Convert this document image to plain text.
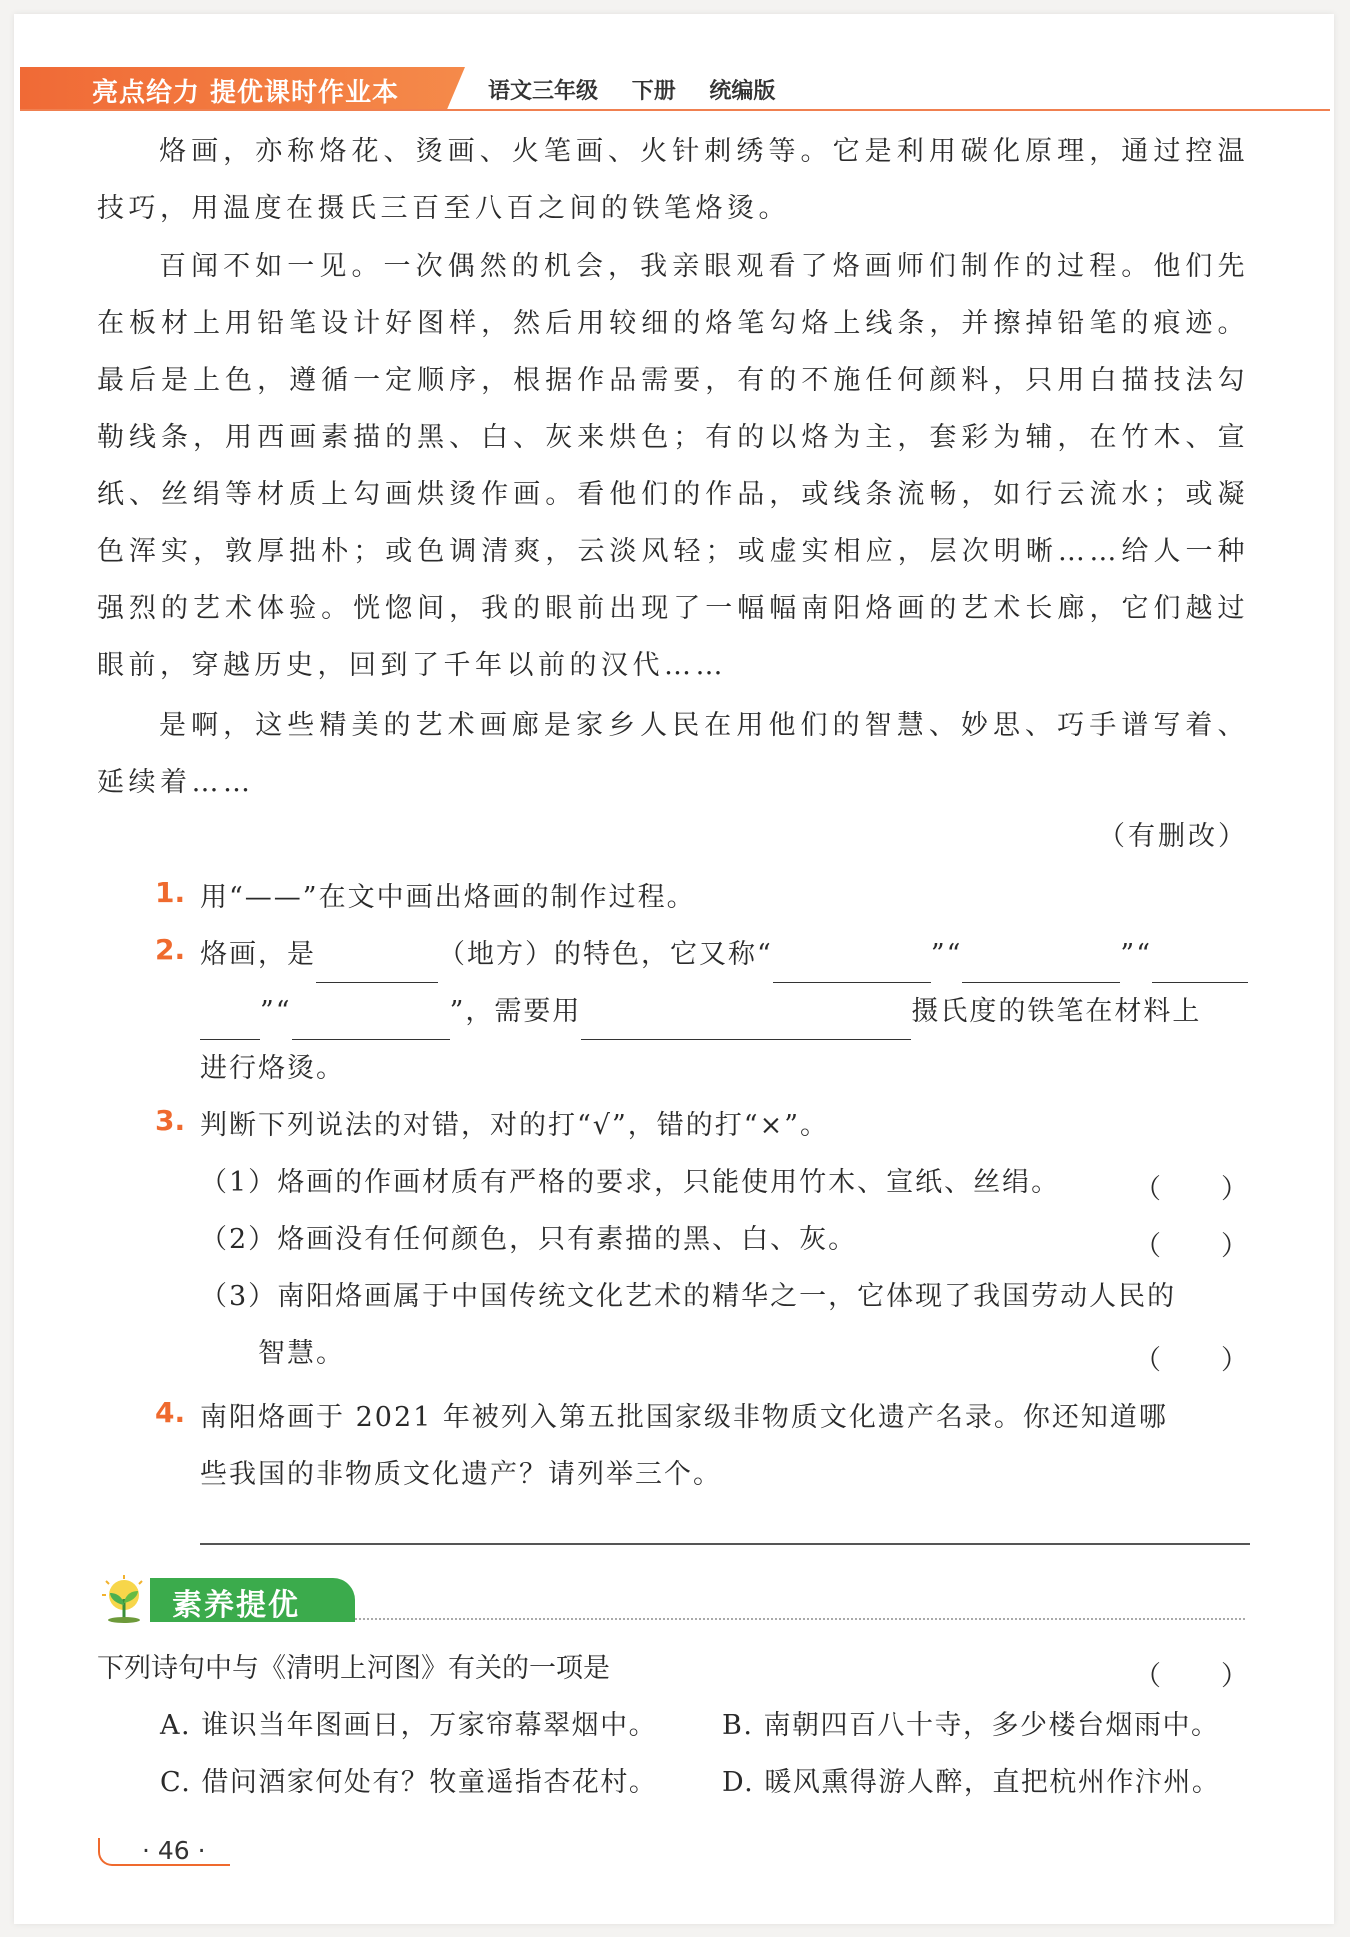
亮点给力 提优课时作业本	语文三年级 下册 统编版

烙画，亦称烙花、烫画、火笔画、火针刺绣等。它是利用碳化原理，通过控温技巧，用温度在摄氏三百至八百之间的铁笔烙烫。

百闻不如一见。一次偶然的机会，我亲眼观看了烙画师们制作的过程。他们先在板材上用铅笔设计好图样，然后用较细的烙笔勾烙上线条，并擦掉铅笔的痕迹。最后是上色，遵循一定顺序，根据作品需要，有的不施任何颜料，只用白描技法勾勒线条，用西画素描的黑、白、灰来烘色；有的以烙为主，套彩为辅，在竹木、宣纸、丝绢等材质上勾画烘烫作画。看他们的作品，或线条流畅，如行云流水；或凝色浑实，敦厚拙朴；或色调清爽，云淡风轻；或虚实相应，层次明晰……给人一种强烈的艺术体验。恍惚间，我的眼前出现了一幅幅南阳烙画的艺术长廊，它们越过眼前，穿越历史，回到了千年以前的汉代……

是啊，这些精美的艺术画廊是家乡人民在用他们的智慧、妙思、巧手谱写着、延续着……

（有删改）
1. 用“——”在文中画出烙画的制作过程。
2. 烙画，是	（地方）的特色，它又称“	”“	”“
”“	”，需要用	摄氏度的铁笔在材料上
进行烙烫。
3. 判断下列说法的对错，对的打“√”，错的打“×”。
（1）烙画的作画材质有严格的要求，只能使用竹木、宣纸、丝绢。	（　　）
（2）烙画没有任何颜色，只有素描的黑、白、灰。	（　　）
（3）南阳烙画属于中国传统文化艺术的精华之一，它体现了我国劳动人民的
智慧。	（　　）
4. 南阳烙画于 2021 年被列入第五批国家级非物质文化遗产名录。你还知道哪
些我国的非物质文化遗产？请列举三个。
素养提优
下列诗句中与《清明上河图》有关的一项是	（　　）
A. 谁识当年图画日，万家帘幕翠烟中。 B. 南朝四百八十寺，多少楼台烟雨中。
C. 借问酒家何处有？牧童遥指杏花村。 D. 暖风熏得游人醉，直把杭州作汴州。
· 46 ·
